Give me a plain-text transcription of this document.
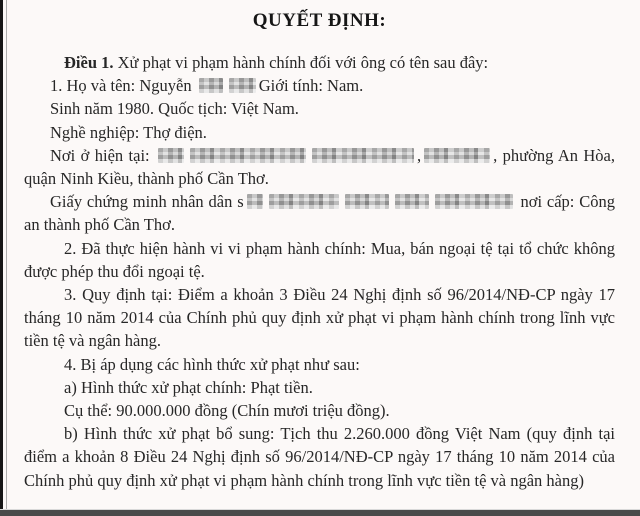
QUYẾT ĐỊNH:

Điều 1. Xử phạt vi phạm hành chính đối với ông có tên sau đây:

1. Họ và tên: Nguyễn	Giới tính: Nam.

Sinh năm 1980. Quốc tịch: Việt Nam.

Nghề nghiệp: Thợ điện.

Nơi ở hiện tại:	,	, phường An Hòa, quận Ninh Kiều, thành phố Cần Thơ.

Giấy chứng minh nhân dân s	nơi cấp: Công an thành phố Cần Thơ.

2. Đã thực hiện hành vi vi phạm hành chính: Mua, bán ngoại tệ tại tổ chức không được phép thu đổi ngoại tệ.

3. Quy định tại: Điểm a khoản 3 Điều 24 Nghị định số 96/2014/NĐ-CP ngày 17 tháng 10 năm 2014 của Chính phủ quy định xử phạt vi phạm hành chính trong lĩnh vực tiền tệ và ngân hàng.

4. Bị áp dụng các hình thức xử phạt như sau:

a) Hình thức xử phạt chính: Phạt tiền.

Cụ thể: 90.000.000 đồng (Chín mươi triệu đồng).

b) Hình thức xử phạt bổ sung: Tịch thu 2.260.000 đồng Việt Nam (quy định tại điểm a khoản 8 Điều 24 Nghị định số 96/2014/NĐ-CP ngày 17 tháng 10 năm 2014 của Chính phủ quy định xử phạt vi phạm hành chính trong lĩnh vực tiền tệ và ngân hàng)
